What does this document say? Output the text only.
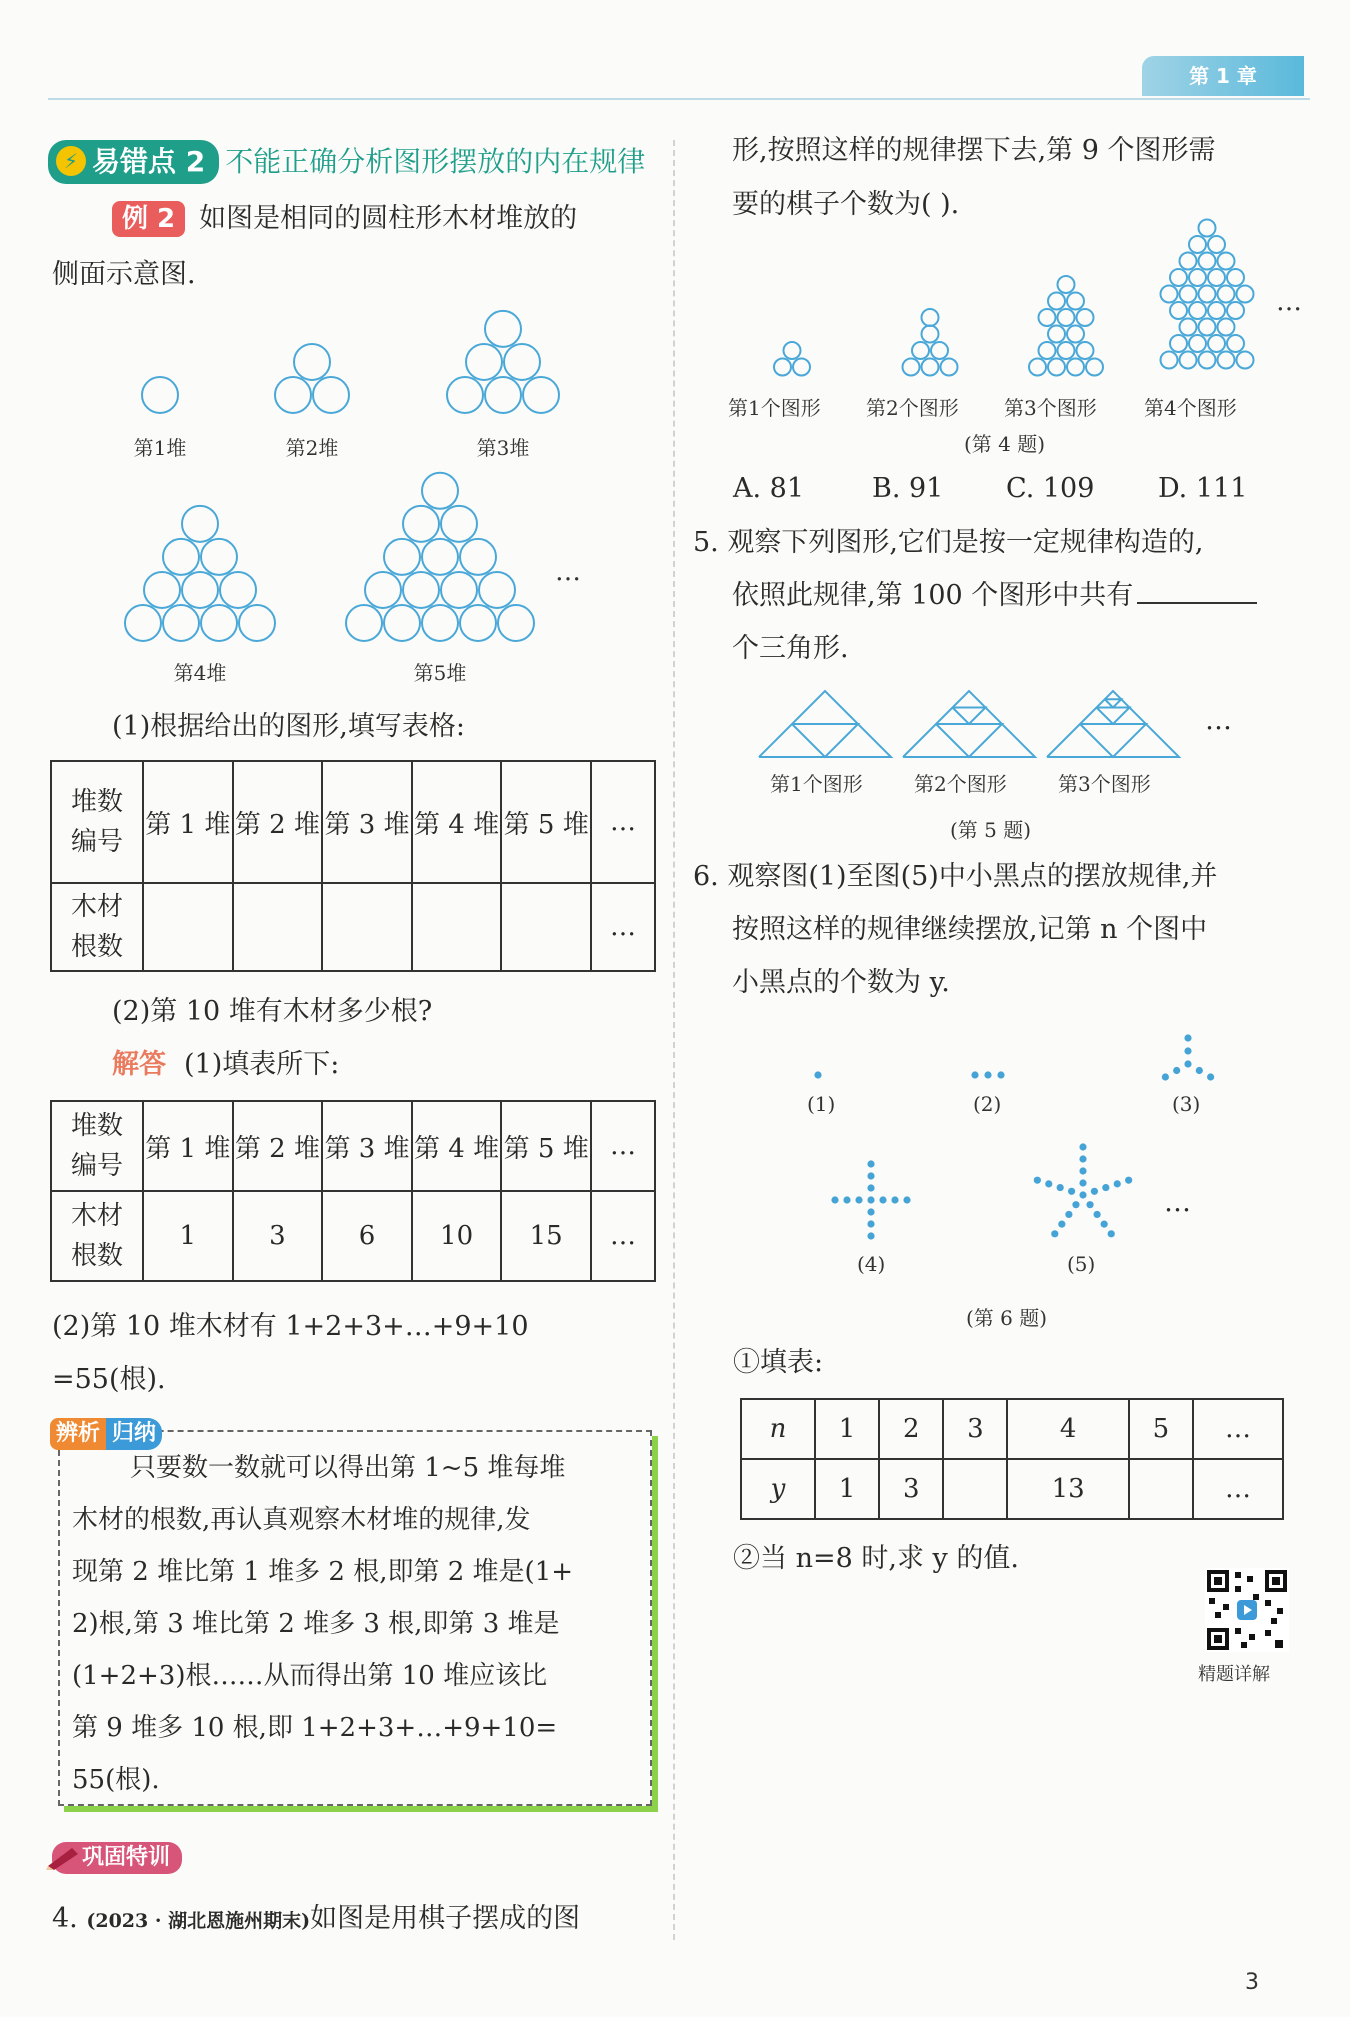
第 1 章
⚡ 易错点 2 不能正确分析图形摆放的内在规律
例 2 如图是相同的圆柱形木材堆放的
侧面示意图.
第1堆	第2堆	第3堆
第4堆	第5堆
…
(1)根据给出的图形,填写表格:
堆数
编号	第 1 堆	第 2 堆	第 3 堆	第 4 堆	第 5 堆	…
木材
根数						…
(2)第 10 堆有木材多少根?
解答 (1)填表所下:
堆数
编号	第 1 堆	第 2 堆	第 3 堆	第 4 堆	第 5 堆	…
木材
根数	1	3	6	10	15	…
(2)第 10 堆木材有 1+2+3+…+9+10
=55(根).
只要数一数就可以得出第 1~5 堆每堆
木材的根数,再认真观察木材堆的规律,发
现第 2 堆比第 1 堆多 2 根,即第 2 堆是(1+
2)根,第 3 堆比第 2 堆多 3 根,即第 3 堆是
(1+2+3)根……从而得出第 10 堆应该比
第 9 堆多 10 根,即 1+2+3+…+9+10=
55(根).
辨析 归纳
巩固特训
4. (2023 · 湖北恩施州期末)如图是用棋子摆成的图
形,按照这样的规律摆下去,第 9 个图形需
要的棋子个数为( ).
…
第1个图形 第2个图形 第3个图形 第4个图形
(第 4 题)
A. 81	B. 91 C. 109 D. 111
5. 观察下列图形,它们是按一定规律构造的,
依照此规律,第 100 个图形中共有
个三角形.
第1个图形	第2个图形	第3个图形
(第 5 题)
…
6. 观察图(1)至图(5)中小黑点的摆放规律,并
按照这样的规律继续摆放,记第 n 个图中
小黑点的个数为 y.
(1)	(2)	(3)
(4)	(5)
…
(第 6 题)
①填表:
n	1	2	3	4	5	…
y	1	3		13		…
②当 n=8 时,求 y 的值.
精题详解
3
